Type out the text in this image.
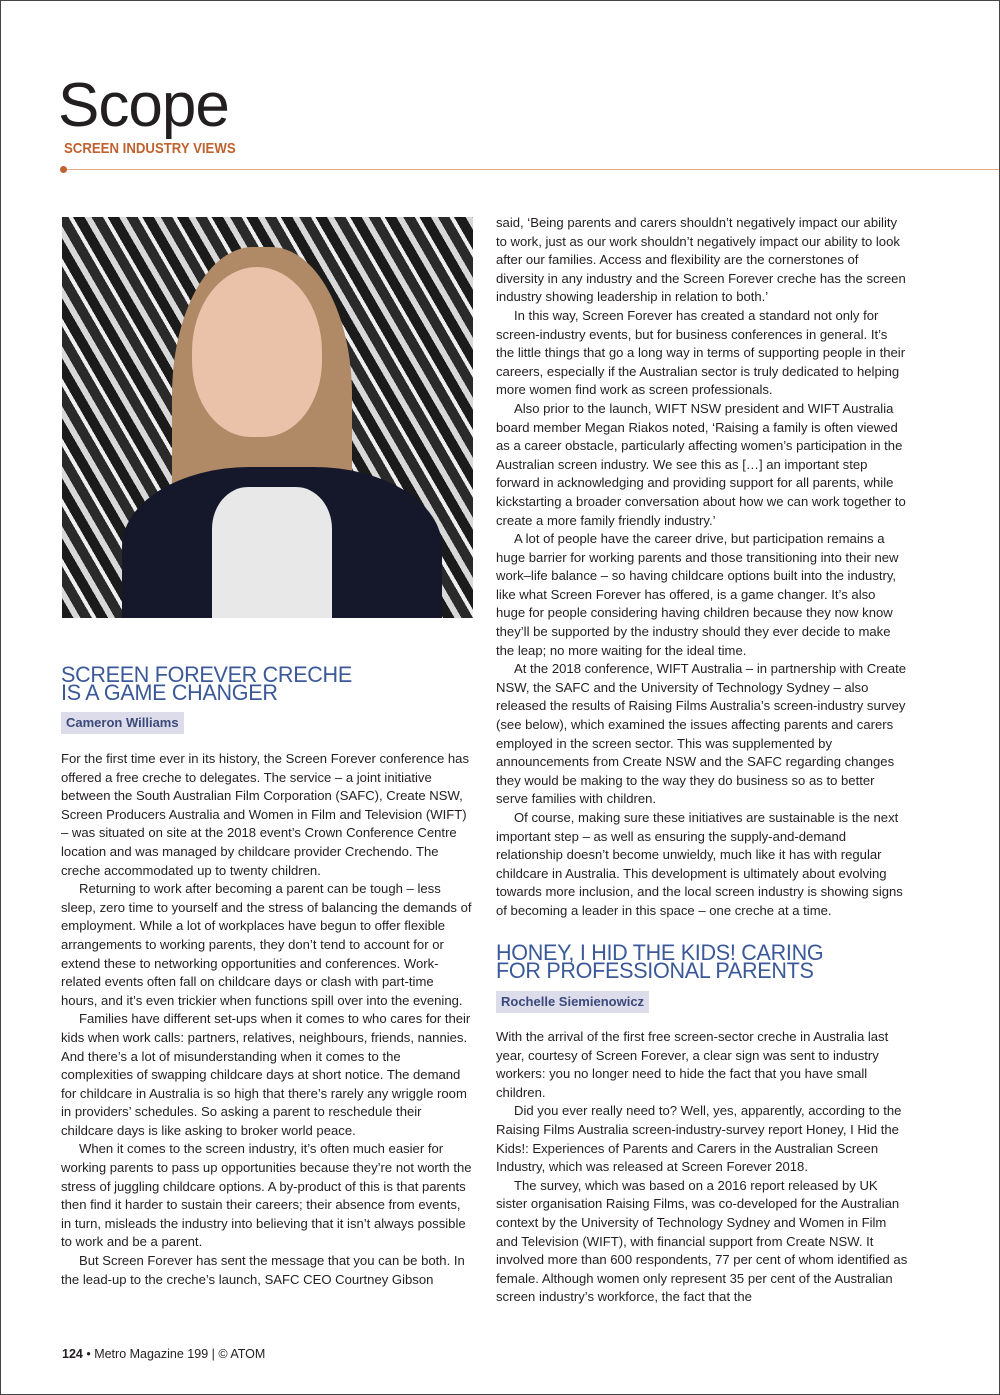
Scope
SCREEN INDUSTRY VIEWS
SCREEN FOREVER CRECHE
IS A GAME CHANGER
Cameron Williams

For the first time ever in its history, the Screen Forever conference has offered a free creche to delegates. The service – a joint initiative between the South Australian Film Corporation (SAFC), Create NSW, Screen Producers Australia and Women in Film and Television (WIFT) – was situated on site at the 2018 event’s Crown Conference Centre location and was managed by childcare provider Crechendo. The creche accommodated up to twenty children.

Returning to work after becoming a parent can be tough – less sleep, zero time to yourself and the stress of balancing the demands of employment. While a lot of workplaces have begun to offer flexible arrangements to working parents, they don’t tend to account for or extend these to networking opportunities and conferences. Work-related events often fall on childcare days or clash with part-time hours, and it’s even trickier when functions spill over into the evening.

Families have different set-ups when it comes to who cares for their kids when work calls: partners, relatives, neighbours, friends, nannies. And there’s a lot of misunderstanding when it comes to the complexities of swapping childcare days at short notice. The demand for childcare in Australia is so high that there’s rarely any wriggle room in providers’ schedules. So asking a parent to reschedule their childcare days is like asking to broker world peace.

When it comes to the screen industry, it’s often much easier for working parents to pass up opportunities because they’re not worth the stress of juggling childcare options. A by-product of this is that parents then find it harder to sustain their careers; their absence from events, in turn, misleads the industry into believing that it isn’t always possible to work and be a parent.

But Screen Forever has sent the message that you can be both. In the lead-up to the creche’s launch, SAFC CEO Courtney Gibson

said, ‘Being parents and carers shouldn’t negatively impact our ability to work, just as our work shouldn’t negatively impact our ability to look after our families. Access and flexibility are the cornerstones of diversity in any industry and the Screen Forever creche has the screen industry showing leadership in relation to both.’

In this way, Screen Forever has created a standard not only for screen-industry events, but for business conferences in general. It’s the little things that go a long way in terms of supporting people in their careers, especially if the Australian sector is truly dedicated to helping more women find work as screen professionals.

Also prior to the launch, WIFT NSW president and WIFT Australia board member Megan Riakos noted, ‘Raising a family is often viewed as a career obstacle, particularly affecting women’s participation in the Australian screen industry. We see this as […] an important step forward in acknowledging and providing support for all parents, while kickstarting a broader conversation about how we can work together to create a more family friendly industry.’

A lot of people have the career drive, but participation remains a huge barrier for working parents and those transitioning into their new work–life balance – so having childcare options built into the industry, like what Screen Forever has offered, is a game changer. It’s also huge for people considering having children because they now know they’ll be supported by the industry should they ever decide to make the leap; no more waiting for the ideal time.

At the 2018 conference, WIFT Australia – in partnership with Create NSW, the SAFC and the University of Technology Sydney – also released the results of Raising Films Australia’s screen-industry survey (see below), which examined the issues affecting parents and carers employed in the screen sector. This was supplemented by announcements from Create NSW and the SAFC regarding changes they would be making to the way they do business so as to better serve families with children.

Of course, making sure these initiatives are sustainable is the next important step – as well as ensuring the supply-and-demand relationship doesn’t become unwieldy, much like it has with regular childcare in Australia. This development is ultimately about evolving towards more inclusion, and the local screen industry is showing signs of becoming a leader in this space – one creche at a time.

HONEY, I HID THE KIDS! CARING
FOR PROFESSIONAL PARENTS
Rochelle Siemienowicz

With the arrival of the first free screen-sector creche in Australia last year, courtesy of Screen Forever, a clear sign was sent to industry workers: you no longer need to hide the fact that you have small children.

Did you ever really need to? Well, yes, apparently, according to the Raising Films Australia screen-industry-survey report Honey, I Hid the Kids!: Experiences of Parents and Carers in the Australian Screen Industry, which was released at Screen Forever 2018.

The survey, which was based on a 2016 report released by UK sister organisation Raising Films, was co-developed for the Australian context by the University of Technology Sydney and Women in Film and Television (WIFT), with financial support from Create NSW. It involved more than 600 respondents, 77 per cent of whom identified as female. Although women only represent 35 per cent of the Australian screen industry’s workforce, the fact that the

124 • Metro Magazine 199 | © ATOM
